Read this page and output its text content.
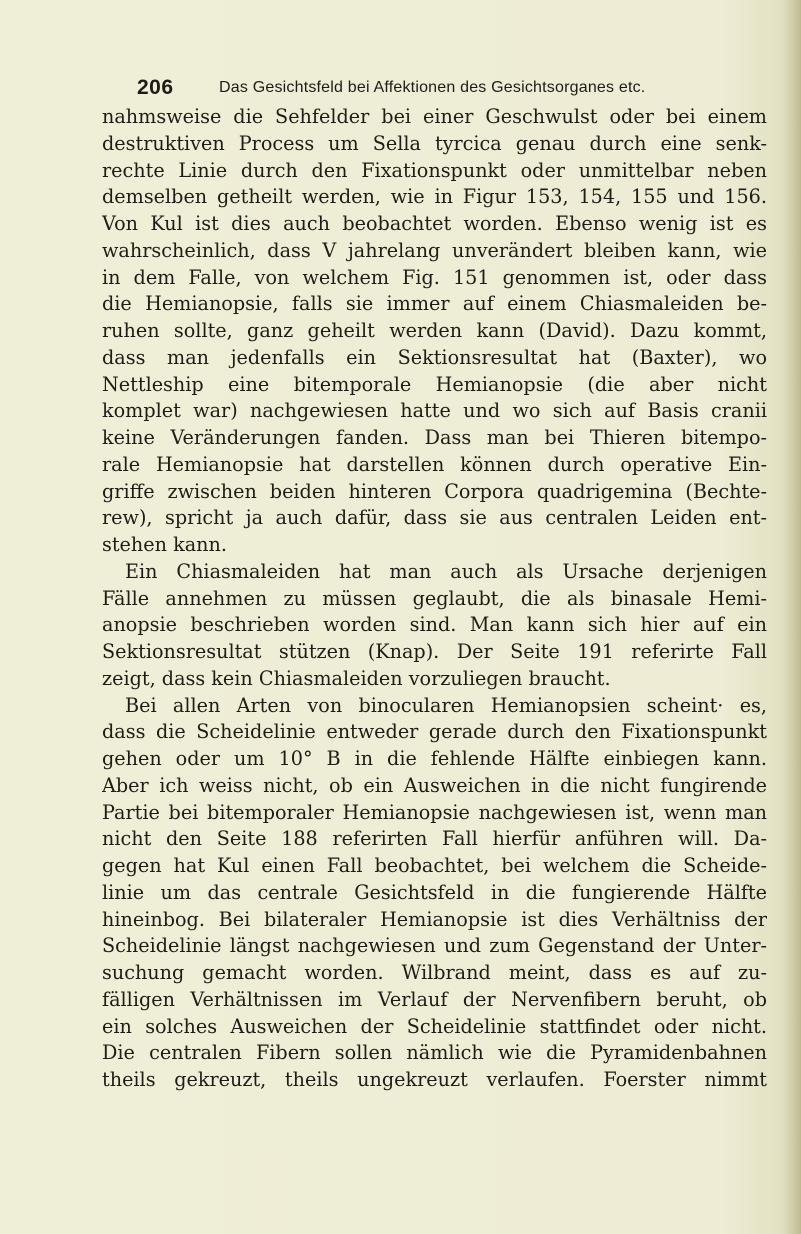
206	Das Gesichtsfeld bei Affektionen des Gesichtsorganes etc.
nahmsweise die Sehfelder bei einer Geschwulst oder bei einem
destruktiven Process um Sella tyrcica genau durch eine senk-
rechte Linie durch den Fixationspunkt oder unmittelbar neben
demselben getheilt werden, wie in Figur 153, 154, 155 und 156.
Von Kul ist dies auch beobachtet worden. Ebenso wenig ist es
wahrscheinlich, dass V jahrelang unverändert bleiben kann, wie
in dem Falle, von welchem Fig. 151 genommen ist, oder dass
die Hemianopsie, falls sie immer auf einem Chiasmaleiden be-
ruhen sollte, ganz geheilt werden kann (David). Dazu kommt,
dass man jedenfalls ein Sektionsresultat hat (Baxter), wo
Nettleship eine bitemporale Hemianopsie (die aber nicht
komplet war) nachgewiesen hatte und wo sich auf Basis cranii
keine Veränderungen fanden. Dass man bei Thieren bitempo-
rale Hemianopsie hat darstellen können durch operative Ein-
griffe zwischen beiden hinteren Corpora quadrigemina (Bechte-
rew), spricht ja auch dafür, dass sie aus centralen Leiden ent-
stehen kann.
Ein Chiasmaleiden hat man auch als Ursache derjenigen
Fälle annehmen zu müssen geglaubt, die als binasale Hemi-
anopsie beschrieben worden sind. Man kann sich hier auf ein
Sektionsresultat stützen (Knap). Der Seite 191 referirte Fall
zeigt, dass kein Chiasmaleiden vorzuliegen braucht.
Bei allen Arten von binocularen Hemianopsien scheint· es,
dass die Scheidelinie entweder gerade durch den Fixationspunkt
gehen oder um 10° B in die fehlende Hälfte einbiegen kann.
Aber ich weiss nicht, ob ein Ausweichen in die nicht fungirende
Partie bei bitemporaler Hemianopsie nachgewiesen ist, wenn man
nicht den Seite 188 referirten Fall hierfür anführen will. Da-
gegen hat Kul einen Fall beobachtet, bei welchem die Scheide-
linie um das centrale Gesichtsfeld in die fungierende Hälfte
hineinbog. Bei bilateraler Hemianopsie ist dies Verhältniss der
Scheidelinie längst nachgewiesen und zum Gegenstand der Unter-
suchung gemacht worden. Wilbrand meint, dass es auf zu-
fälligen Verhältnissen im Verlauf der Nervenfibern beruht, ob
ein solches Ausweichen der Scheidelinie stattfindet oder nicht.
Die centralen Fibern sollen nämlich wie die Pyramidenbahnen
theils gekreuzt, theils ungekreuzt verlaufen. Foerster nimmt
